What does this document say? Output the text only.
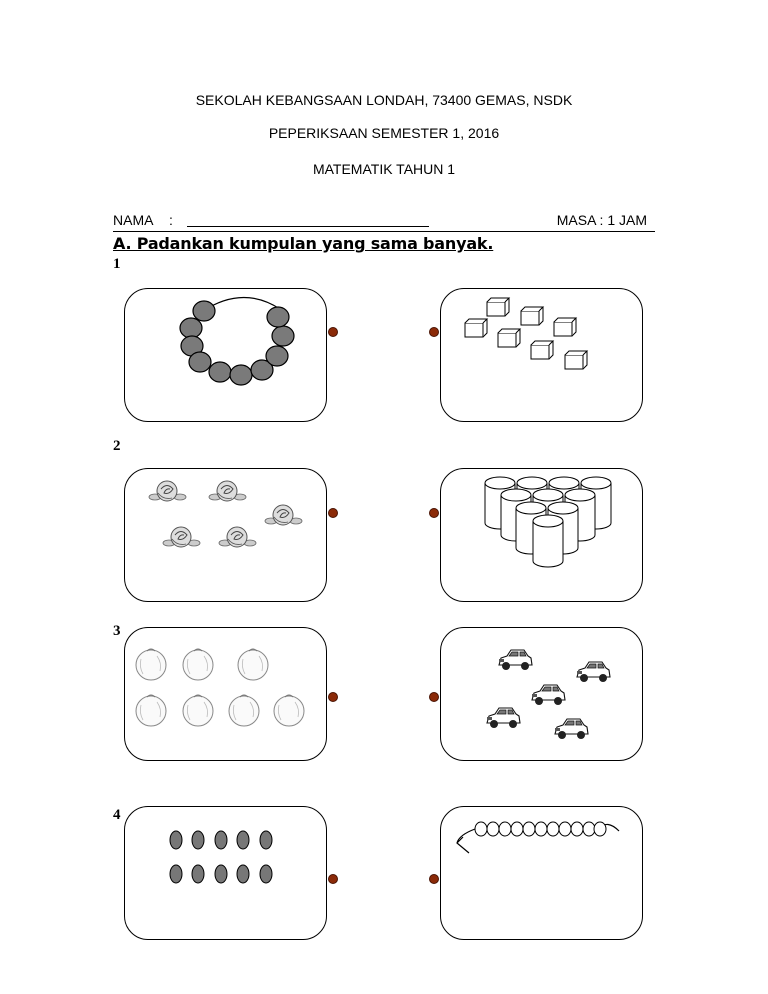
SEKOLAH KEBANGSAAN LONDAH, 73400 GEMAS, NSDK
PEPERIKSAAN SEMESTER 1, 2016
MATEMATIK TAHUN 1
NAMA :	MASA : 1 JAM
A. Padankan kumpulan yang sama banyak.
1
2
3
4
